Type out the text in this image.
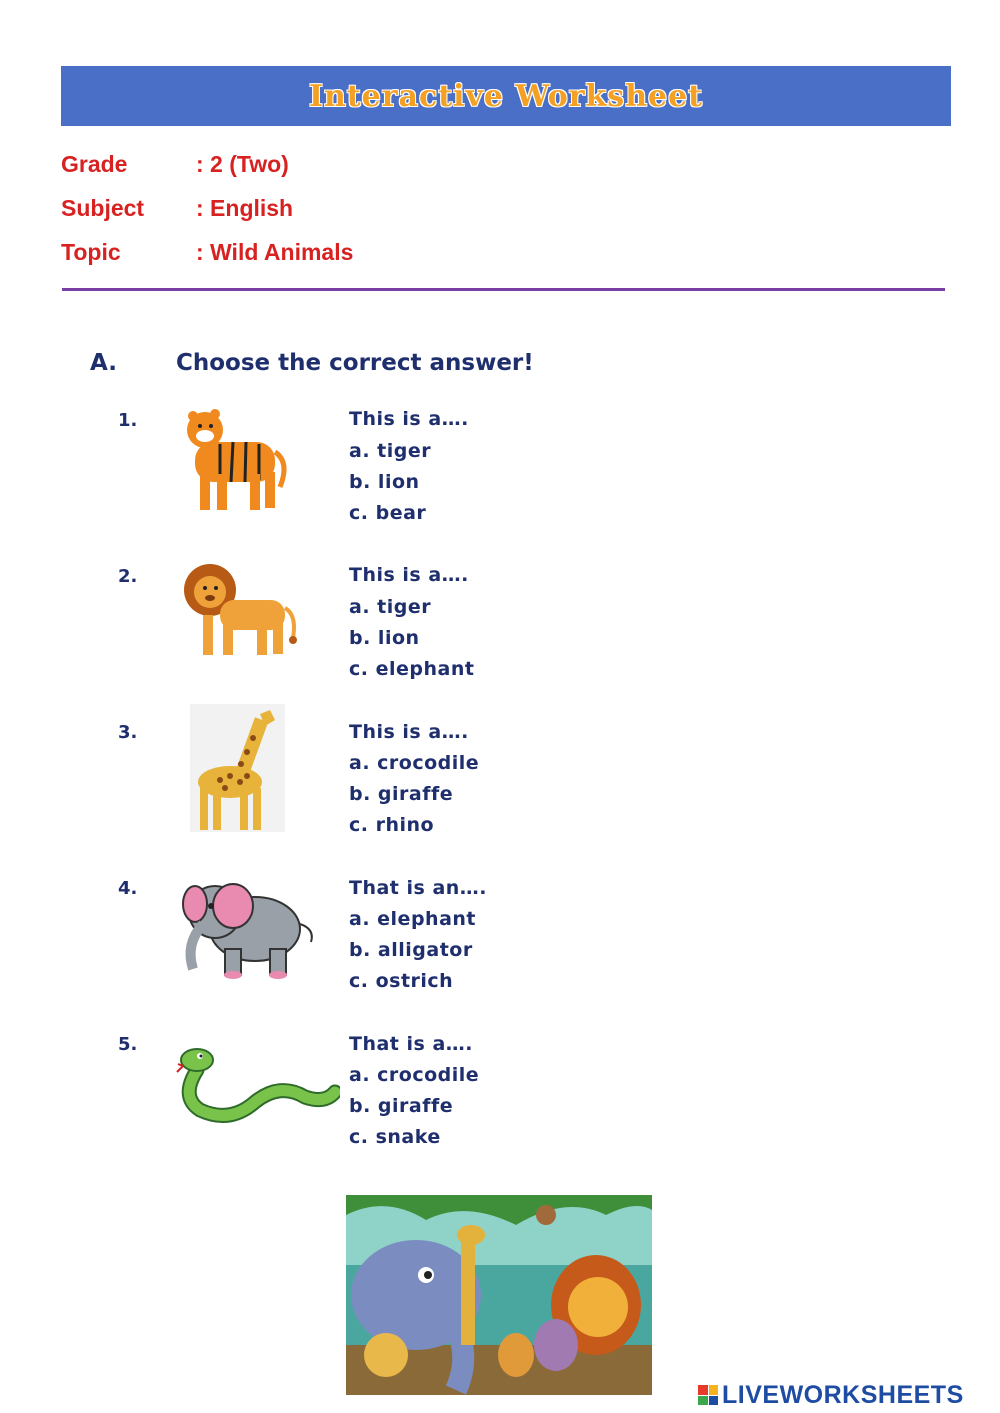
Interactive Worksheet
Grade	: 2 (Two)
Subject : English
Topic	: Wild Animals
A.	Choose the correct answer!
1.	This is a….
a. tiger
b. lion
c. bear
2.	This is a….
a. tiger
b. lion
c. elephant
3.	This is a….
a. crocodile
b. giraffe
c. rhino
4.	That is an….
a. elephant
b. alligator
c. ostrich
5.	That is a….
a. crocodile
b. giraffe
c. snake
LIVEWORKSHEETS
